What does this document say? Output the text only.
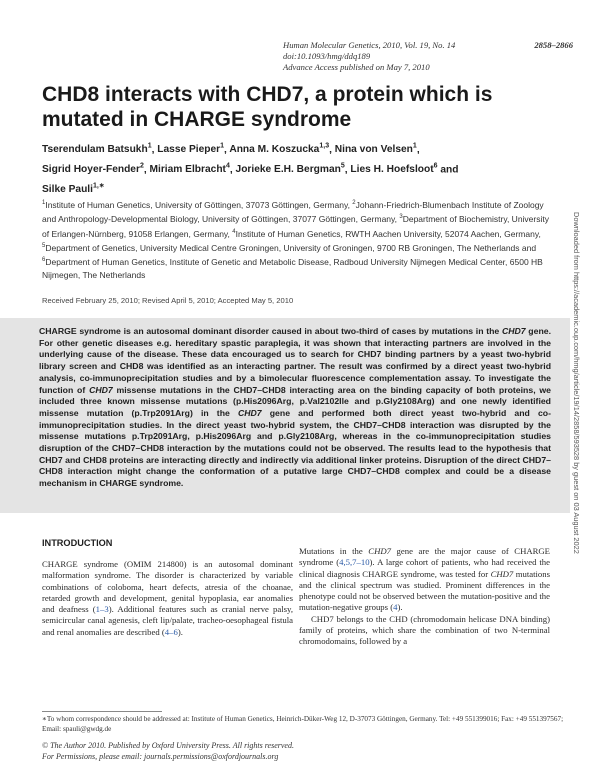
Human Molecular Genetics, 2010, Vol. 19, No. 14	2858–2866
doi:10.1093/hmg/ddq189
Advance Access published on May 7, 2010
CHD8 interacts with CHD7, a protein which is mutated in CHARGE syndrome
Tserendulam Batsukh$^1$, Lasse Pieper$^1$, Anna M. Koszucka$^{1,3}$, Nina von Velsen$^1$,
Sigrid Hoyer-Fender$^2$, Miriam Elbracht$^4$, Jorieke E.H. Bergman$^5$, Lies H. Hoefsloot$^6$ and
Silke Pauli$^{1,∗}$
$^1$Institute of Human Genetics, University of Göttingen, 37073 Göttingen, Germany, $^2$Johann-Friedrich-Blumenbach Institute of Zoology and Anthropology-Developmental Biology, University of Göttingen, 37077 Göttingen, Germany, $^3$Department of Biochemistry, University of Erlangen-Nürnberg, 91058 Erlangen, Germany, $^4$Institute of Human Genetics, RWTH Aachen University, 52074 Aachen, Germany, $^5$Department of Genetics, University Medical Centre Groningen, University of Groningen, 9700 RB Groningen, The Netherlands and $^6$Department of Human Genetics, Institute of Genetic and Metabolic Disease, Radboud University Nijmegen Medical Center, 6500 HB Nijmegen, The Netherlands
Received February 25, 2010; Revised April 5, 2010; Accepted May 5, 2010

CHARGE syndrome is an autosomal dominant disorder caused in about two-third of cases by mutations in the CHD7 gene. For other genetic diseases e.g. hereditary spastic paraplegia, it was shown that interacting partners are involved in the underlying cause of the disease. These data encouraged us to search for CHD7 binding partners by a yeast two-hybrid library screen and CHD8 was identified as an interacting partner. The result was confirmed by a direct yeast two-hybrid analysis, co-immunoprecipitation studies and by a bimolecular fluorescence complementation assay. To investigate the function of CHD7 missense mutations in the CHD7–CHD8 interacting area on the binding capacity of both proteins, we included three known missense mutations (p.His2096Arg, p.Val2102Ile and p.Gly2108Arg) and one newly identified missense mutation (p.Trp2091Arg) in the CHD7 gene and performed both direct yeast two-hybrid and co-immunoprecipitation studies. In the direct yeast two-hybrid system, the CHD7–CHD8 interaction was disrupted by the missense mutations p.Trp2091Arg, p.His2096Arg and p.Gly2108Arg, whereas in the co-immunoprecipitation studies disruption of the CHD7–CHD8 interaction by the mutations could not be observed. The results lead to the hypothesis that CHD7 and CHD8 proteins are interacting directly and indirectly via additional linker proteins. Disruption of the direct CHD7–CHD8 interaction might change the conformation of a putative large CHD7–CHD8 complex and could be a disease mechanism in CHARGE syndrome.	Downloaded from https://academic.oup.com/hmg/article/19/14/2858/593528 by guest on 03 August 2022
INTRODUCTION

CHARGE syndrome (OMIM 214800) is an autosomal dominant malformation syndrome. The disorder is characterized by variable combinations of coloboma, heart defects, atresia of the choanae, retarded growth and development, genital hypoplasia, ear anomalies and deafness (1–3). Additional features such as cranial nerve palsy, semicircular canal agenesis, cleft lip/palate, tracheo-oesophageal fistula and renal anomalies are described (4–6).

Mutations in the CHD7 gene are the major cause of CHARGE syndrome (4,5,7–10). A large cohort of patients, who had received the clinical diagnosis CHARGE syndrome, was tested for CHD7 mutations and the clinical spectrum was studied. Prominent differences in the phenotype could not be observed between the mutation-positive and the mutation-negative groups (4).

CHD7 belongs to the CHD (chromodomain helicase DNA binding) family of proteins, which share the combination of two N-terminal chromodomains, followed by a

∗To whom correspondence should be addressed at: Institute of Human Genetics, Heinrich-Düker-Weg 12, D-37073 Göttingen, Germany. Tel: +49 551399016; Fax: +49 551397567; Email: spauli@gwdg.de
© The Author 2010. Published by Oxford University Press. All rights reserved.
For Permissions, please email: journals.permissions@oxfordjournals.org
